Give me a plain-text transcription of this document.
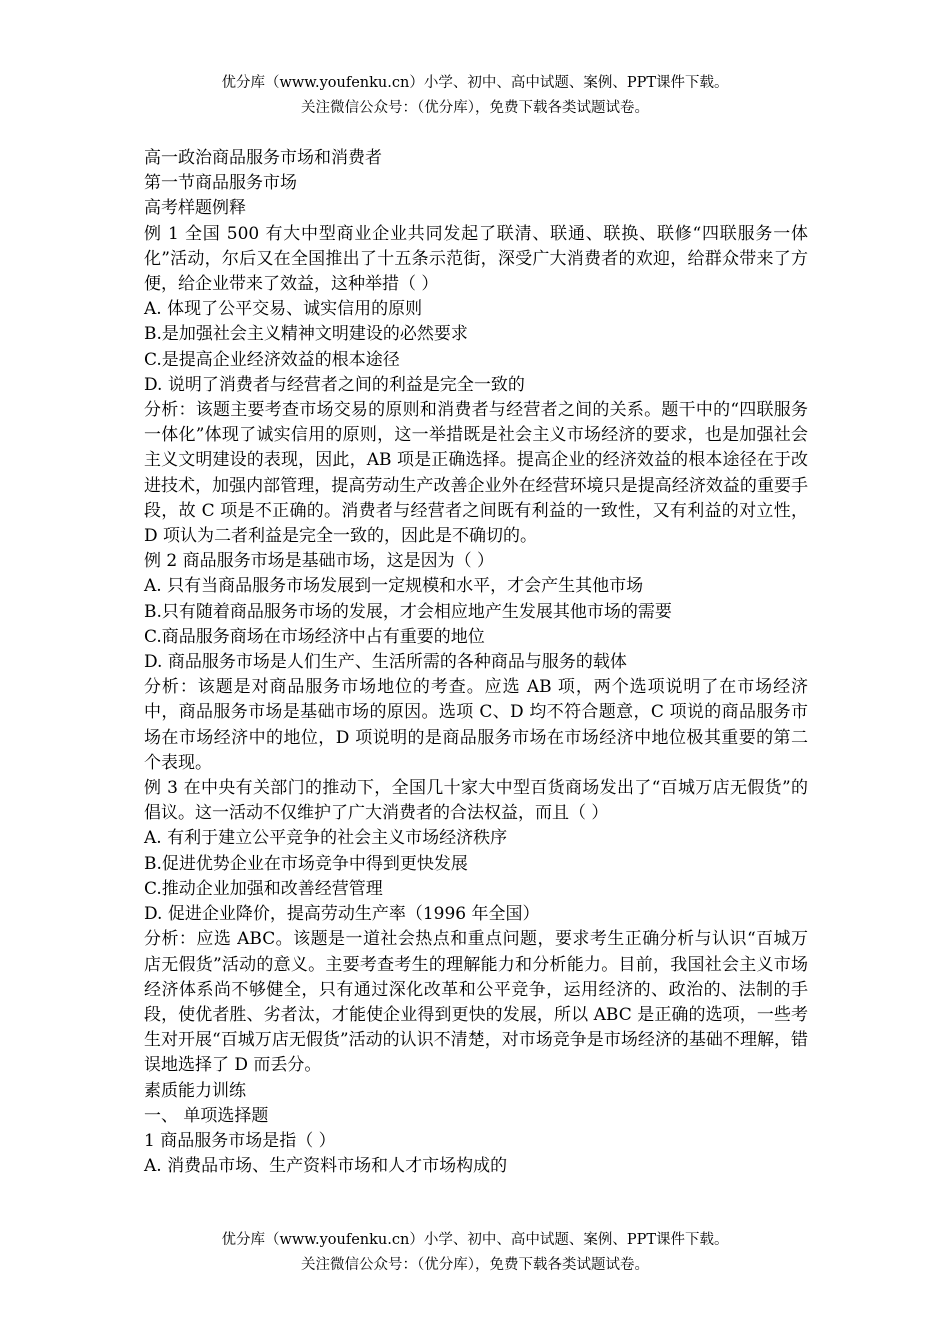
优分库（www.youfenku.cn）小学、初中、高中试题、案例、PPT课件下载。
关注微信公众号：（优分库），免费下载各类试题试卷。

高一政治商品服务市场和消费者

第一节商品服务市场

高考样题例释

例 1 全国 500 有大中型商业企业共同发起了联清、联通、联换、联修“四联服务一体化”活动，尔后又在全国推出了十五条示范街，深受广大消费者的欢迎，给群众带来了方便，给企业带来了效益，这种举措（ ）

A. 体现了公平交易、诚实信用的原则

B.是加强社会主义精神文明建设的必然要求

C.是提高企业经济效益的根本途径

D. 说明了消费者与经营者之间的利益是完全一致的

分析：该题主要考查市场交易的原则和消费者与经营者之间的关系。题干中的“四联服务一体化”体现了诚实信用的原则，这一举措既是社会主义市场经济的要求，也是加强社会主义文明建设的表现，因此，AB 项是正确选择。提高企业的经济效益的根本途径在于改进技术，加强内部管理，提高劳动生产改善企业外在经营环境只是提高经济效益的重要手段，故 C 项是不正确的。消费者与经营者之间既有利益的一致性，又有利益的对立性，D 项认为二者利益是完全一致的，因此是不确切的。

例 2 商品服务市场是基础市场，这是因为（ ）

A. 只有当商品服务市场发展到一定规模和水平，才会产生其他市场

B.只有随着商品服务市场的发展，才会相应地产生发展其他市场的需要

C.商品服务商场在市场经济中占有重要的地位

D. 商品服务市场是人们生产、生活所需的各种商品与服务的载体

分析：该题是对商品服务市场地位的考查。应选 AB 项，两个选项说明了在市场经济中，商品服务市场是基础市场的原因。选项 C、D 均不符合题意，C 项说的商品服务市场在市场经济中的地位，D 项说明的是商品服务市场在市场经济中地位极其重要的第二个表现。

例 3 在中央有关部门的推动下，全国几十家大中型百货商场发出了“百城万店无假货”的倡议。这一活动不仅维护了广大消费者的合法权益，而且（ ）

A. 有利于建立公平竞争的社会主义市场经济秩序

B.促进优势企业在市场竞争中得到更快发展

C.推动企业加强和改善经营管理

D. 促进企业降价，提高劳动生产率（1996 年全国）

分析：应选 ABC。该题是一道社会热点和重点问题，要求考生正确分析与认识“百城万店无假货”活动的意义。主要考查考生的理解能力和分析能力。目前，我国社会主义市场经济体系尚不够健全，只有通过深化改革和公平竞争，运用经济的、政治的、法制的手段，使优者胜、劣者汰，才能使企业得到更快的发展，所以 ABC 是正确的选项，一些考生对开展“百城万店无假货”活动的认识不清楚，对市场竞争是市场经济的基础不理解，错误地选择了 D 而丢分。

素质能力训练

一、 单项选择题

1 商品服务市场是指（ ）

A. 消费品市场、生产资料市场和人才市场构成的

优分库（www.youfenku.cn）小学、初中、高中试题、案例、PPT课件下载。
关注微信公众号：（优分库），免费下载各类试题试卷。
